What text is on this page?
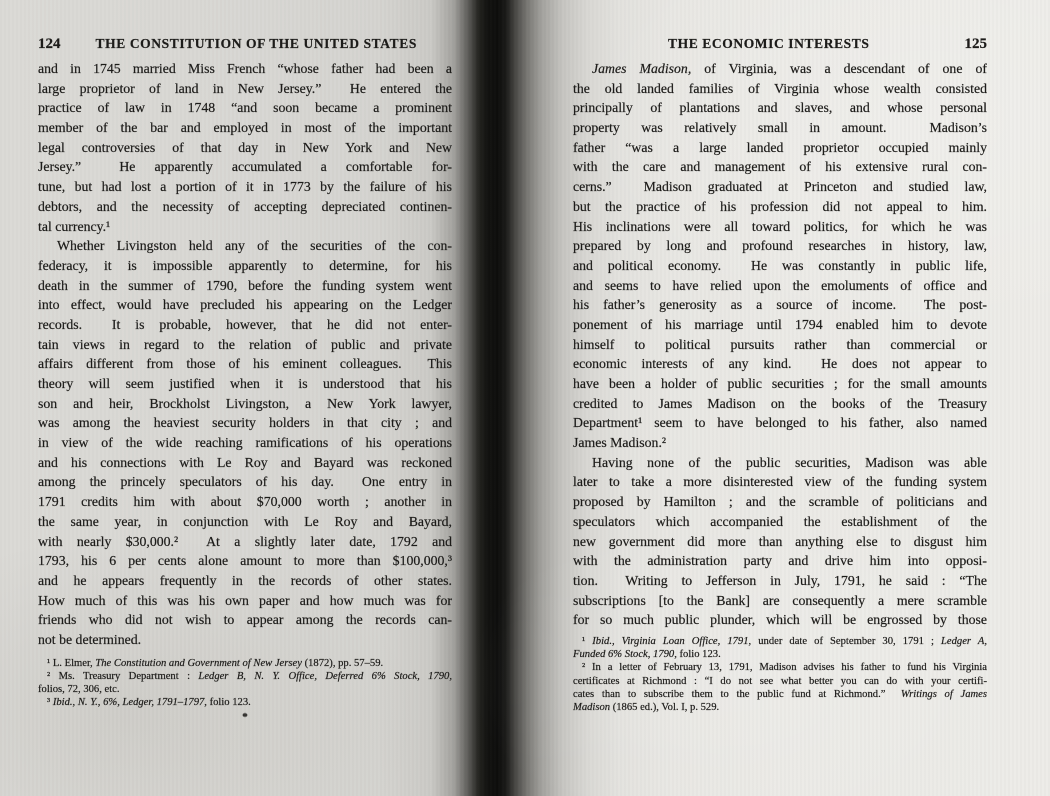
124	THE CONSTITUTION OF THE UNITED STATES
and in 1745 married Miss French “whose father had been a
large proprietor of land in New Jersey.”  He entered the
practice of law in 1748 “and soon became a prominent
member of the bar and employed in most of the important
legal controversies of that day in New York and New
Jersey.”  He apparently accumulated a comfortable for-
tune, but had lost a portion of it in 1773 by the failure of his
debtors, and the necessity of accepting depreciated continen-
tal currency.¹
Whether Livingston held any of the securities of the con-
federacy, it is impossible apparently to determine, for his
death in the summer of 1790, before the funding system went
into effect, would have precluded his appearing on the Ledger
records.  It is probable, however, that he did not enter-
tain views in regard to the relation of public and private
affairs different from those of his eminent colleagues.  This
theory will seem justified when it is understood that his
son and heir, Brockholst Livingston, a New York lawyer,
was among the heaviest security holders in that city ; and
in view of the wide reaching ramifications of his operations
and his connections with Le Roy and Bayard was reckoned
among the princely speculators of his day.  One entry in
1791 credits him with about $70,000 worth ; another in
the same year, in conjunction with Le Roy and Bayard,
with nearly $30,000.²  At a slightly later date, 1792 and
1793, his 6 per cents alone amount to more than $100,000,³
and he appears frequently in the records of other states.
How much of this was his own paper and how much was for
friends who did not wish to appear among the records can-
not be determined.
¹ L. Elmer, The Constitution and Government of New Jersey (1872), pp. 57–59.
² Ms. Treasury Department : Ledger B, N. Y. Office, Deferred 6% Stock, 1790,
folios, 72, 306, etc.
³ Ibid., N. Y., 6%, Ledger, 1791–1797, folio 123.
*
THE ECONOMIC INTERESTS	125
James Madison, of Virginia, was a descendant of one of
the old landed families of Virginia whose wealth consisted
principally of plantations and slaves, and whose personal
property was relatively small in amount.  Madison’s
father “was a large landed proprietor occupied mainly
with the care and management of his extensive rural con-
cerns.”  Madison graduated at Princeton and studied law,
but the practice of his profession did not appeal to him.
His inclinations were all toward politics, for which he was
prepared by long and profound researches in history, law,
and political economy.  He was constantly in public life,
and seems to have relied upon the emoluments of office and
his father’s generosity as a source of income.  The post-
ponement of his marriage until 1794 enabled him to devote
himself to political pursuits rather than commercial or
economic interests of any kind.  He does not appear to
have been a holder of public securities ; for the small amounts
credited to James Madison on the books of the Treasury
Department¹ seem to have belonged to his father, also named
James Madison.²
Having none of the public securities, Madison was able
later to take a more disinterested view of the funding system
proposed by Hamilton ; and the scramble of politicians and
speculators which accompanied the establishment of the
new government did more than anything else to disgust him
with the administration party and drive him into opposi-
tion.  Writing to Jefferson in July, 1791, he said : “The
subscriptions [to the Bank] are consequently a mere scramble
for so much public plunder, which will be engrossed by those
¹ Ibid., Virginia Loan Office, 1791, under date of September 30, 1791 ; Ledger A,
Funded 6% Stock, 1790, folio 123.
² In a letter of February 13, 1791, Madison advises his father to fund his Virginia
certificates at Richmond : “I do not see what better you can do with your certifi-
cates than to subscribe them to the public fund at Richmond.”  Writings of James
Madison (1865 ed.), Vol. I, p. 529.
